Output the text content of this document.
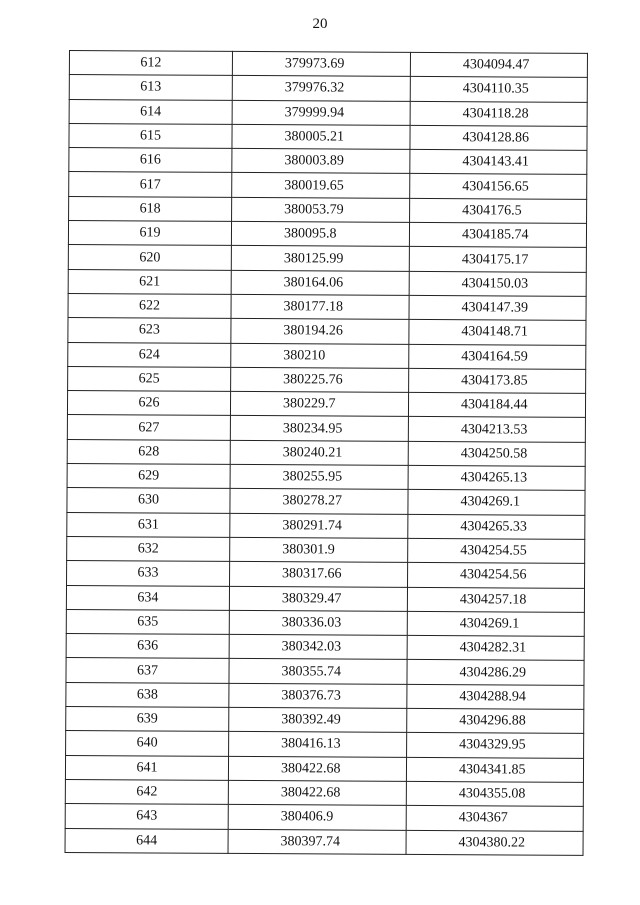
20
612	379973.69	4304094.47
613	379976.32	4304110.35
614	379999.94	4304118.28
615	380005.21	4304128.86
616	380003.89	4304143.41
617	380019.65	4304156.65
618	380053.79	4304176.5
619	380095.8	4304185.74
620	380125.99	4304175.17
621	380164.06	4304150.03
622	380177.18	4304147.39
623	380194.26	4304148.71
624	380210	4304164.59
625	380225.76	4304173.85
626	380229.7	4304184.44
627	380234.95	4304213.53
628	380240.21	4304250.58
629	380255.95	4304265.13
630	380278.27	4304269.1
631	380291.74	4304265.33
632	380301.9	4304254.55
633	380317.66	4304254.56
634	380329.47	4304257.18
635	380336.03	4304269.1
636	380342.03	4304282.31
637	380355.74	4304286.29
638	380376.73	4304288.94
639	380392.49	4304296.88
640	380416.13	4304329.95
641	380422.68	4304341.85
642	380422.68	4304355.08
643	380406.9	4304367
644	380397.74	4304380.22
